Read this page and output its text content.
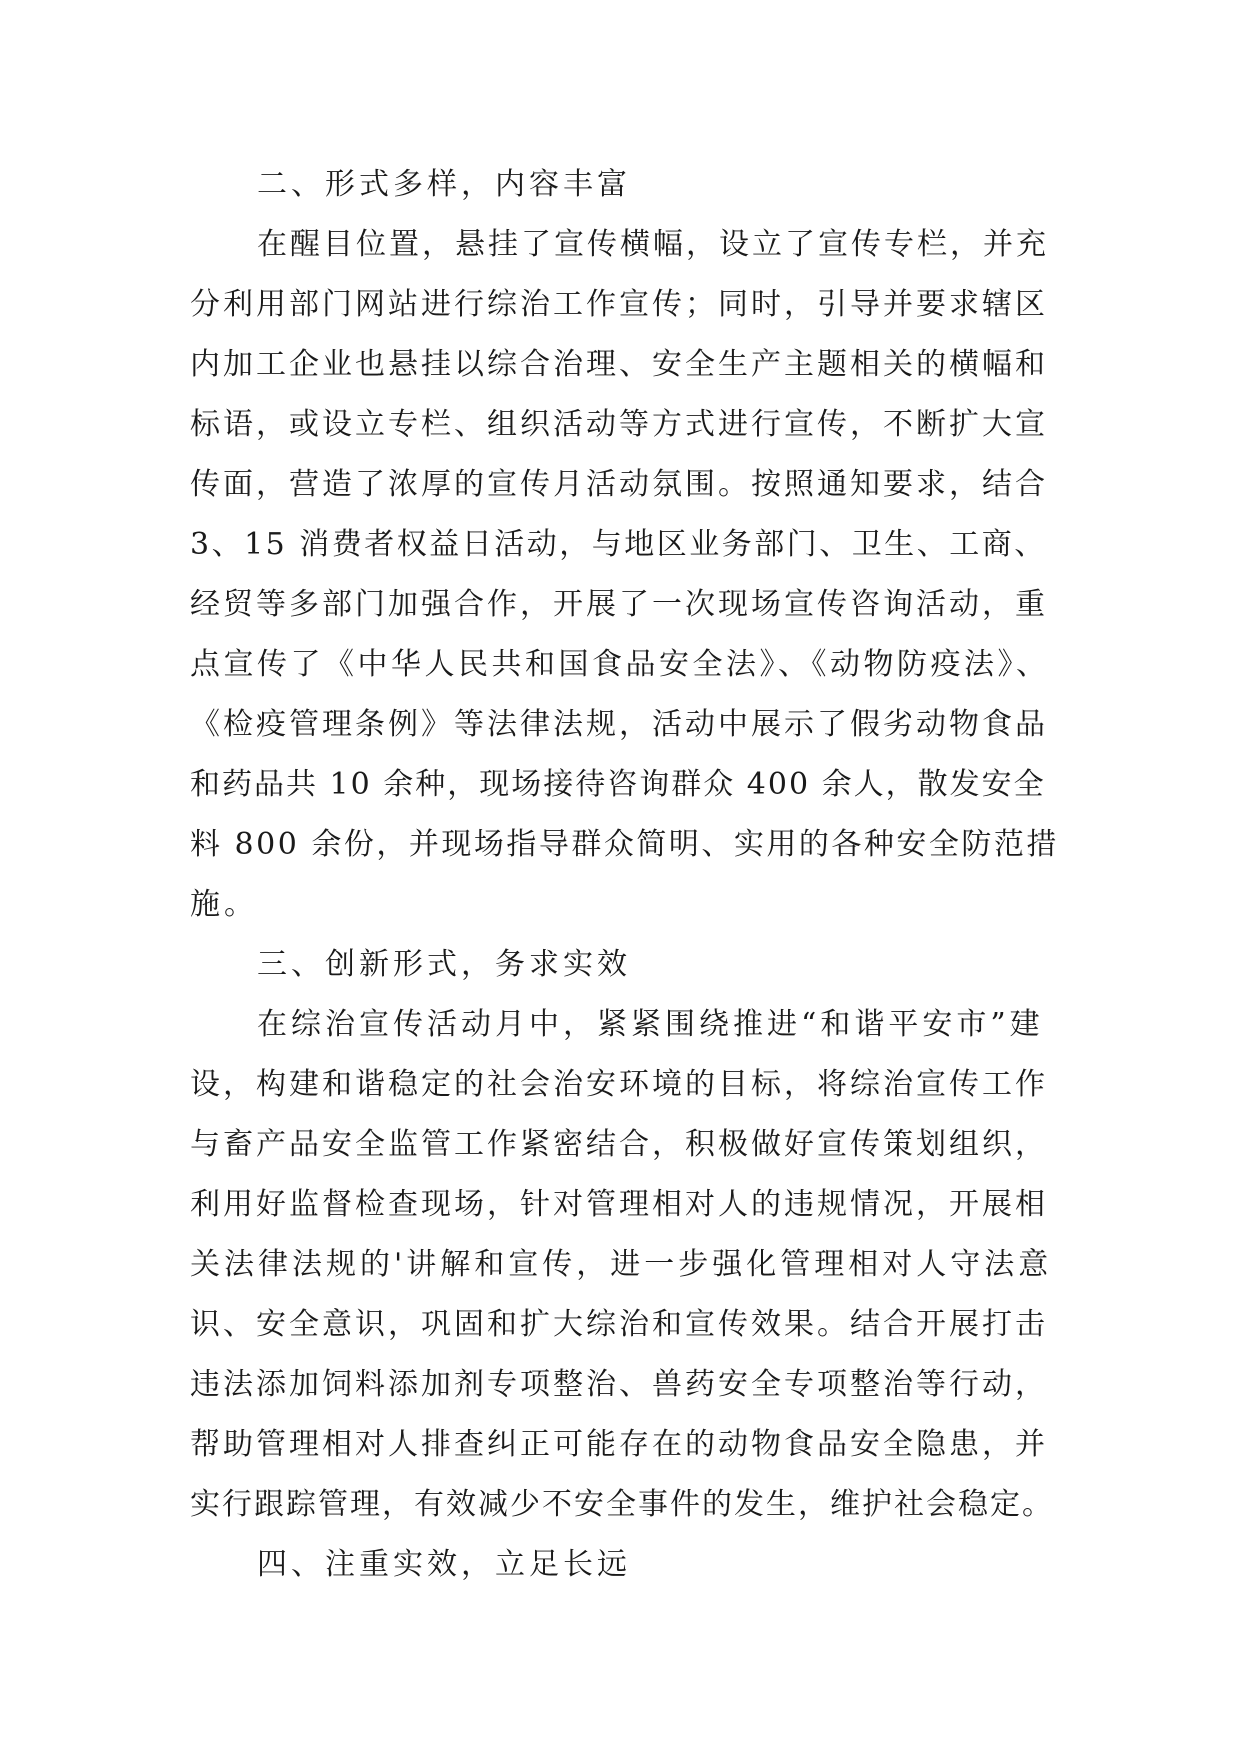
二、形式多样，内容丰富
在醒目位置，悬挂了宣传横幅，设立了宣传专栏，并充
分利用部门网站进行综治工作宣传；同时，引导并要求辖区
内加工企业也悬挂以综合治理、安全生产主题相关的横幅和
标语，或设立专栏、组织活动等方式进行宣传，不断扩大宣
传面，营造了浓厚的宣传月活动氛围。按照通知要求，结合
3、15 消费者权益日活动，与地区业务部门、卫生、工商、
经贸等多部门加强合作，开展了一次现场宣传咨询活动，重
点宣传了《中华人民共和国食品安全法》、《动物防疫法》、
《检疫管理条例》等法律法规，活动中展示了假劣动物食品
和药品共 10 余种，现场接待咨询群众 400 余人，散发安全
料 800 余份，并现场指导群众简明、实用的各种安全防范措
施。
三、创新形式，务求实效
在综治宣传活动月中，紧紧围绕推进“和谐平安市”建
设，构建和谐稳定的社会治安环境的目标，将综治宣传工作
与畜产品安全监管工作紧密结合，积极做好宣传策划组织，
利用好监督检查现场，针对管理相对人的违规情况，开展相
关法律法规的'讲解和宣传，进一步强化管理相对人守法意
识、安全意识，巩固和扩大综治和宣传效果。结合开展打击
违法添加饲料添加剂专项整治、兽药安全专项整治等行动，
帮助管理相对人排查纠正可能存在的动物食品安全隐患，并
实行跟踪管理，有效减少不安全事件的发生，维护社会稳定。
四、注重实效，立足长远
